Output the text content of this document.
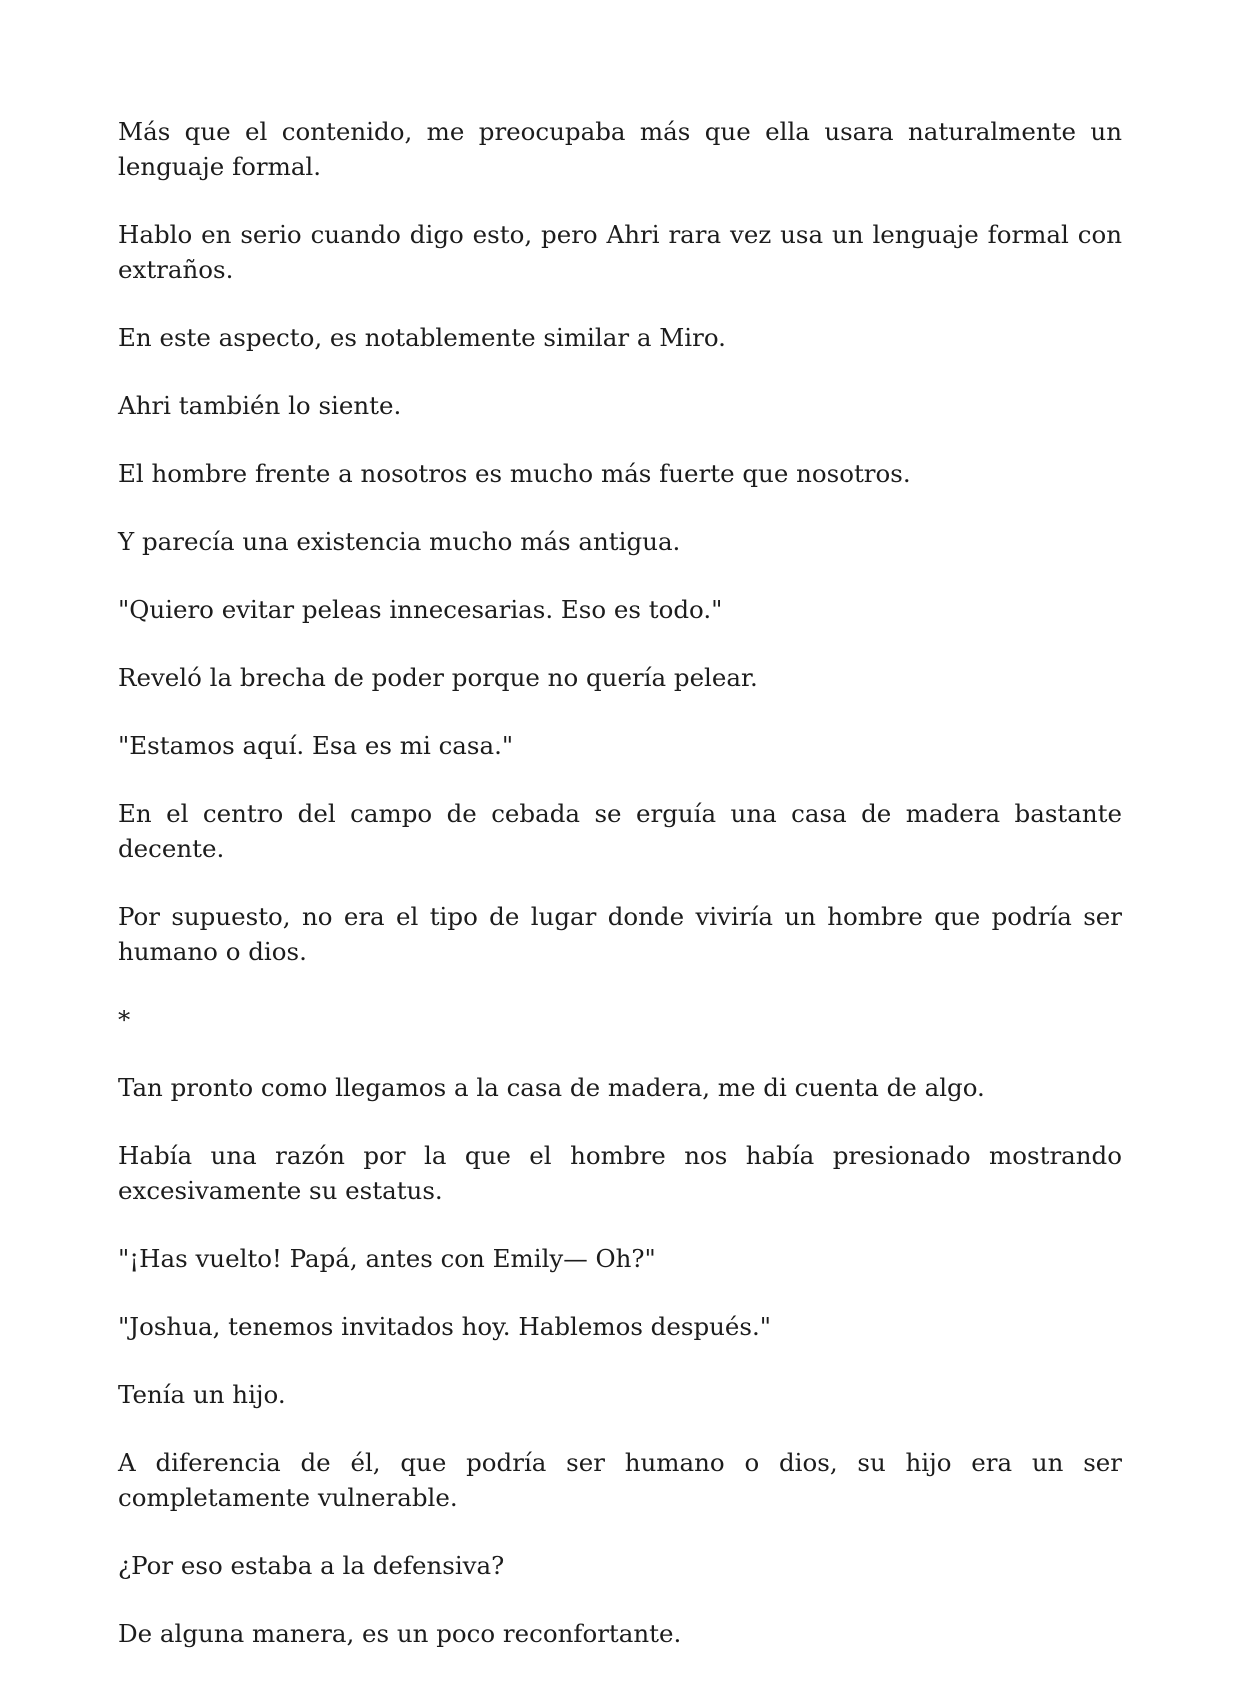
Más que el contenido, me preocupaba más que ella usara naturalmente un lenguaje formal.

Hablo en serio cuando digo esto, pero Ahri rara vez usa un lenguaje formal con extraños.

En este aspecto, es notablemente similar a Miro.

Ahri también lo siente.

El hombre frente a nosotros es mucho más fuerte que nosotros.

Y parecía una existencia mucho más antigua.

"Quiero evitar peleas innecesarias. Eso es todo."

Reveló la brecha de poder porque no quería pelear.

"Estamos aquí. Esa es mi casa."

En el centro del campo de cebada se erguía una casa de madera bastante decente.

Por supuesto, no era el tipo de lugar donde viviría un hombre que podría ser humano o dios.

*

Tan pronto como llegamos a la casa de madera, me di cuenta de algo.

Había una razón por la que el hombre nos había presionado mostrando excesivamente su estatus.

"¡Has vuelto! Papá, antes con Emily— Oh?"

"Joshua, tenemos invitados hoy. Hablemos después."

Tenía un hijo.

A diferencia de él, que podría ser humano o dios, su hijo era un ser completamente vulnerable.

¿Por eso estaba a la defensiva?

De alguna manera, es un poco reconfortante.
